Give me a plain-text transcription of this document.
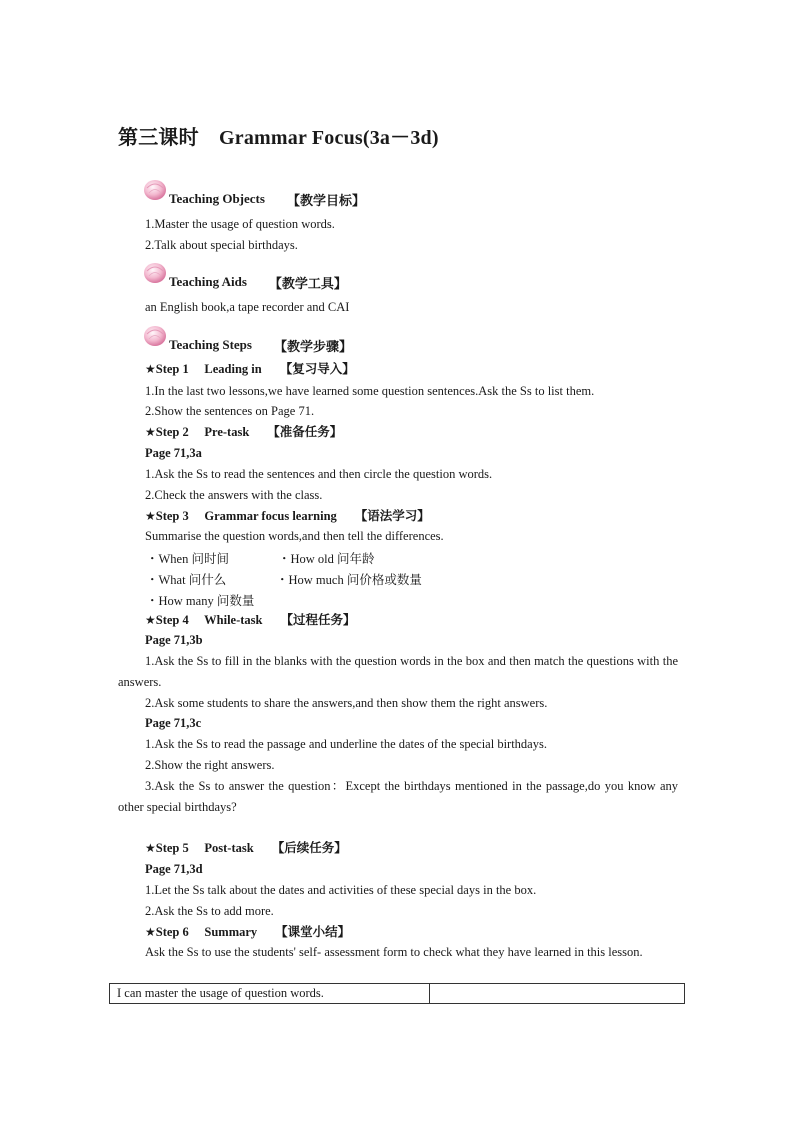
第三课时　Grammar Focus(3a－3d)
Teaching Objects 【教学目标】
1.Master the usage of question words.
2.Talk about special birthdays.
Teaching Aids 【教学工具】
an English book,a tape recorder and CAI
Teaching Steps 【教学步骤】
★Step 1　 Leading in 【复习导入】
1.In the last two lessons,we have learned some question sentences.Ask the Ss to list them.
2.Show the sentences on Page 71.
★Step 2　 Pre-task 【准备任务】
Page 71,3a
1.Ask the Ss to read the sentences and then circle the question words.
2.Check the answers with the class.
★Step 3　 Grammar focus learning 【语法学习】
Summarise the question words,and then tell the differences.
・When 问时间	・How old 问年龄
・What 问什么	・How much 问价格或数量
・How many 问数量
★Step 4　 While-task 【过程任务】
Page 71,3b
1.Ask the Ss to fill in the blanks with the question words in the box and then match the questions with the answers.
2.Ask some students to share the answers,and then show them the right answers.
Page 71,3c
1.Ask the Ss to read the passage and underline the dates of the special birthdays.
2.Show the right answers.
3.Ask the Ss to answer the question：Except the birthdays mentioned in the passage,do you know any other special birthdays?
★Step 5　 Post-task 【后续任务】
Page 71,3d
1.Let the Ss talk about the dates and activities of these special days in the box.
2.Ask the Ss to add more.
★Step 6　 Summary 【课堂小结】
Ask the Ss to use the students' self- assessment form to check what they have learned in this lesson.
I can master the usage of question words.	
